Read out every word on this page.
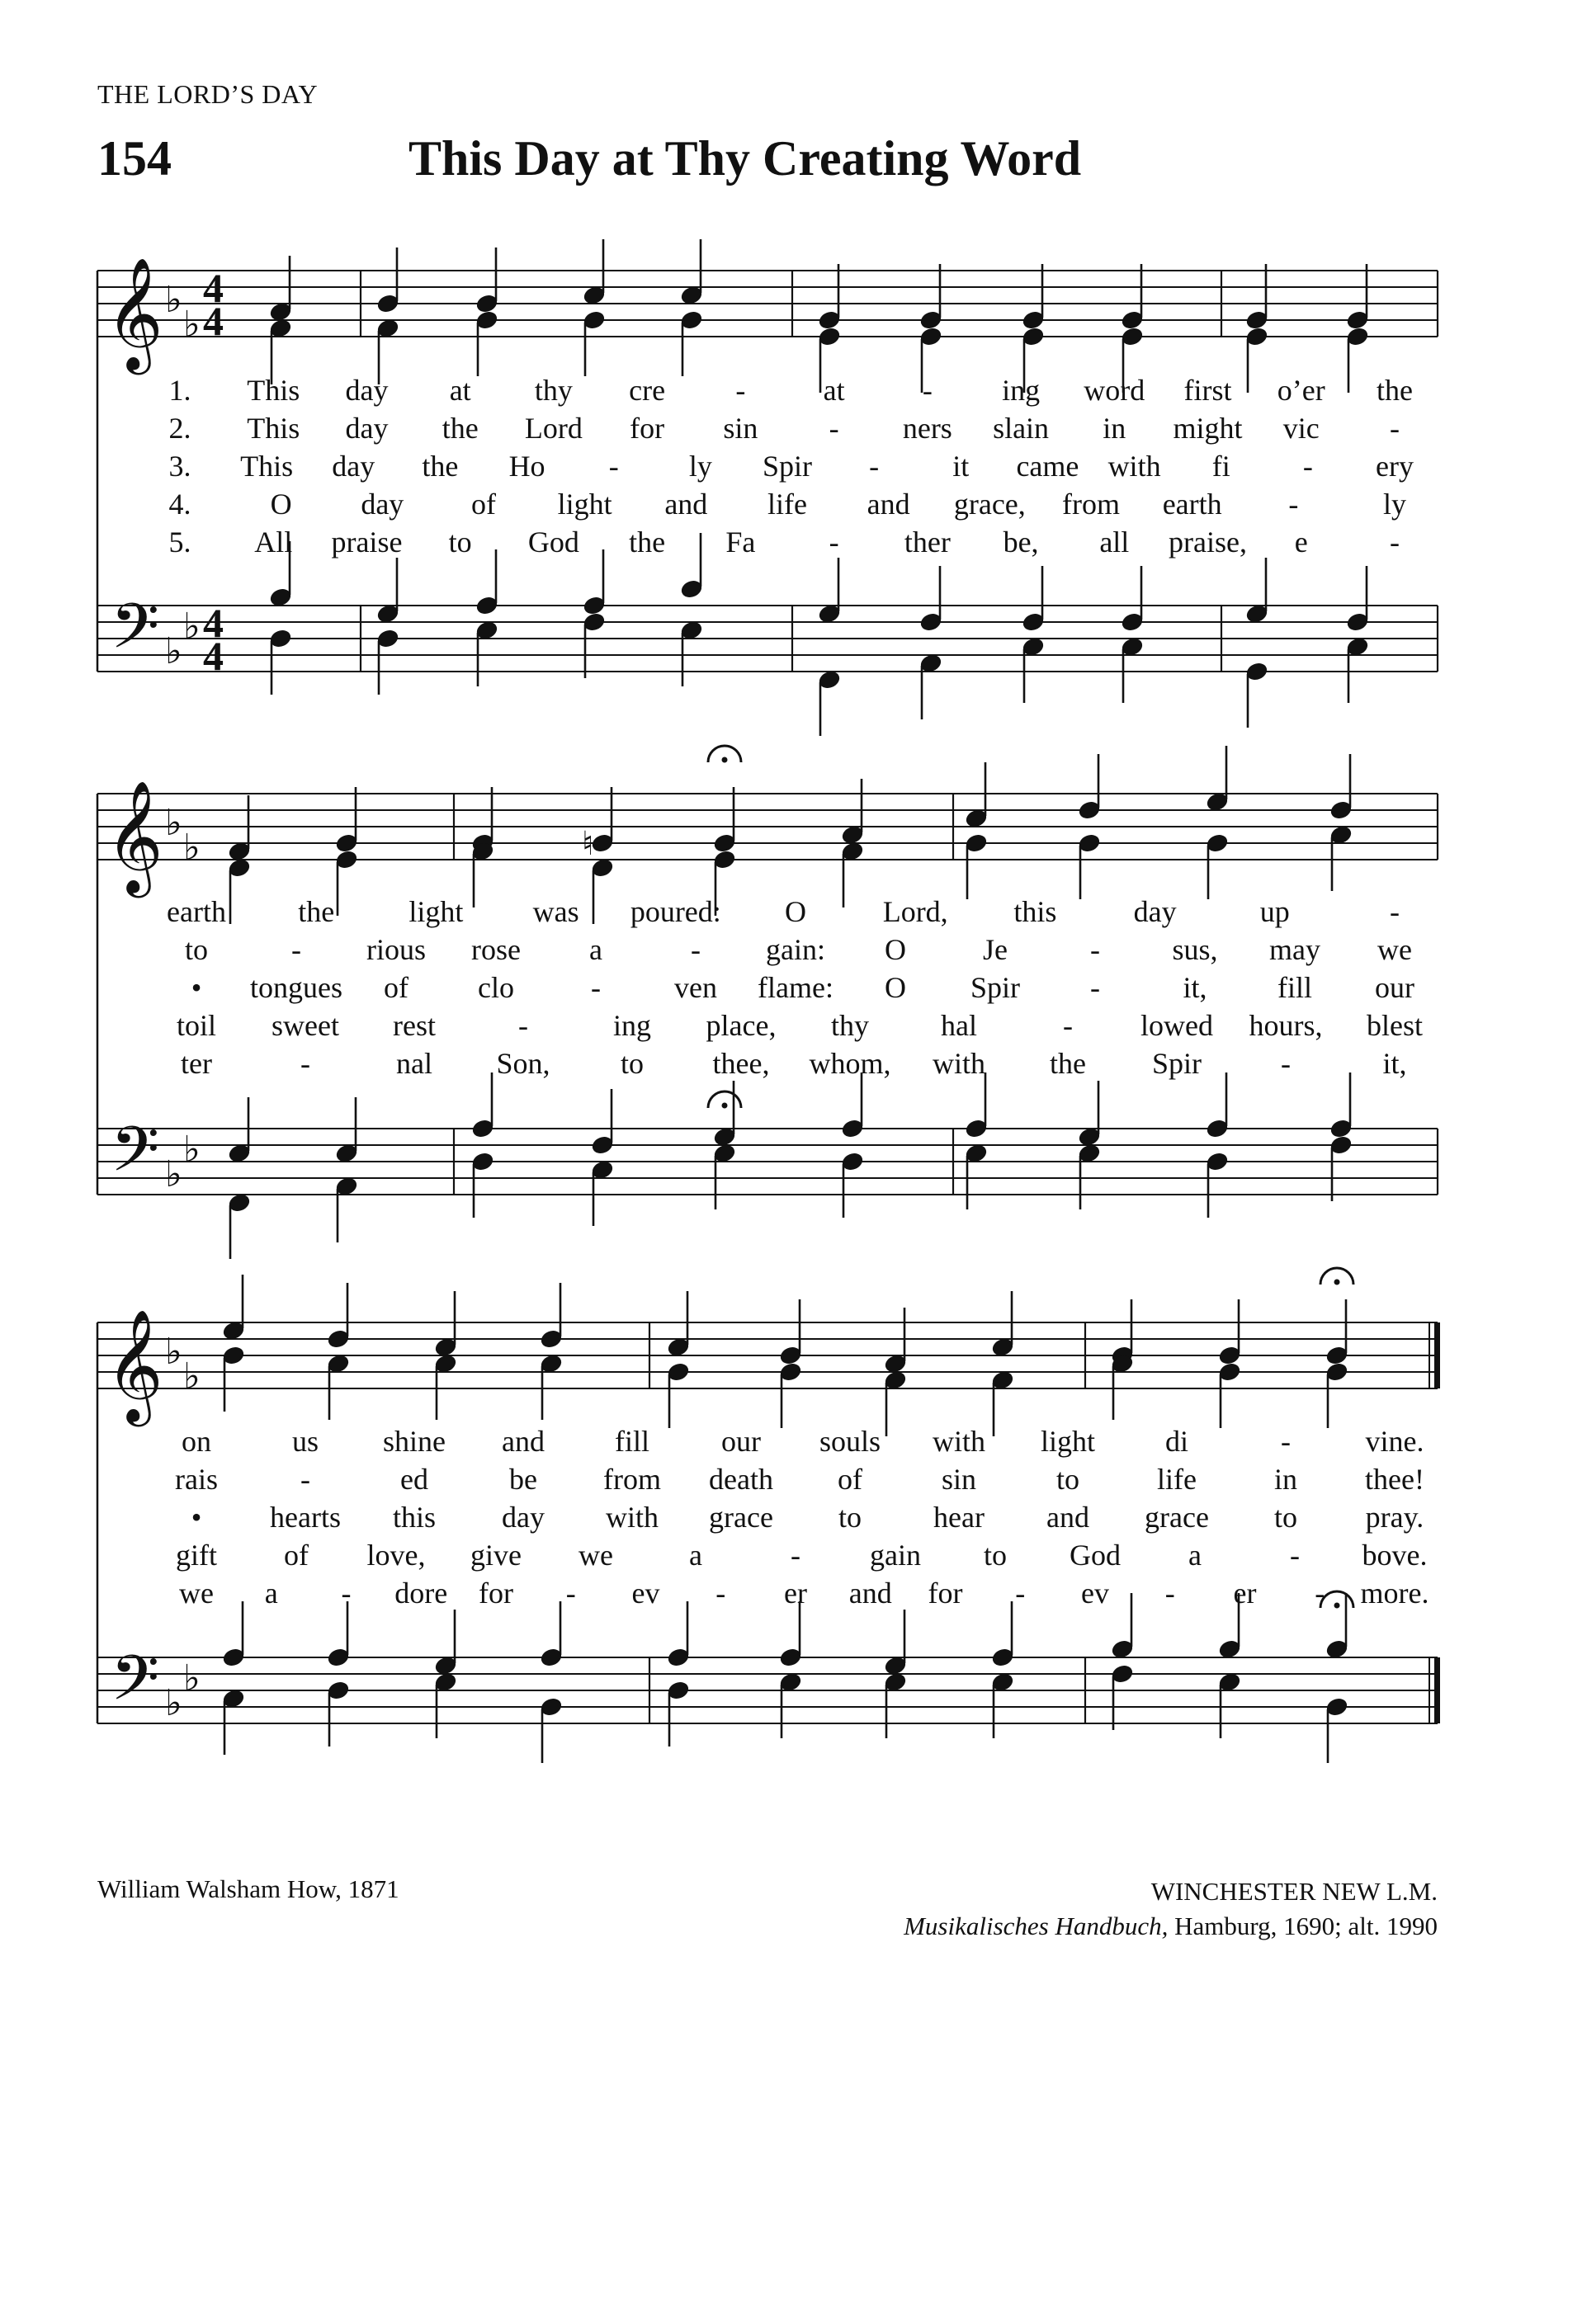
THE LORD’S DAY
154	This Day at Thy Creating Word
𝄞
𝄢
♭
♭
♭
♭
4
4
4
4
1. This day at thy cre -	at	- ing word first o’er the
2. This day the Lord for sin - ners slain in might vic -
3. This day the Ho - ly Spir - it came with fi - ery
4.	O day of light and life and grace, from earth -	ly
5. All praise to God the Fa - ther be, all praise, e	-
𝄞
𝄢
♭
♭
♭
♭
♮
earth the	light was poured: O	Lord, this	day	up	-
to	- rious rose a	- gain: O	Je	- sus, may we
• tongues of clo	- ven flame: O Spir -	it, fill our
toil sweet rest	-	ing place, thy hal	- lowed hours, blest
ter	-	nal Son, to thee, whom, with the Spir	-	it,
𝄞
𝄢
♭
♭
♭
♭
on	us shine and fill our souls with light di	-	vine.
rais	-	ed	be from death of	sin	to	life	in thee!
• hearts this day with grace to hear and grace to pray.
gift of love, give we	a	- gain to God a	- bove.
we a - dore for - ev - er and for - ev - er - more.
William Walsham How, 1871	WINCHESTER NEW L.M.
Musikalisches Handbuch, Hamburg, 1690; alt. 1990
